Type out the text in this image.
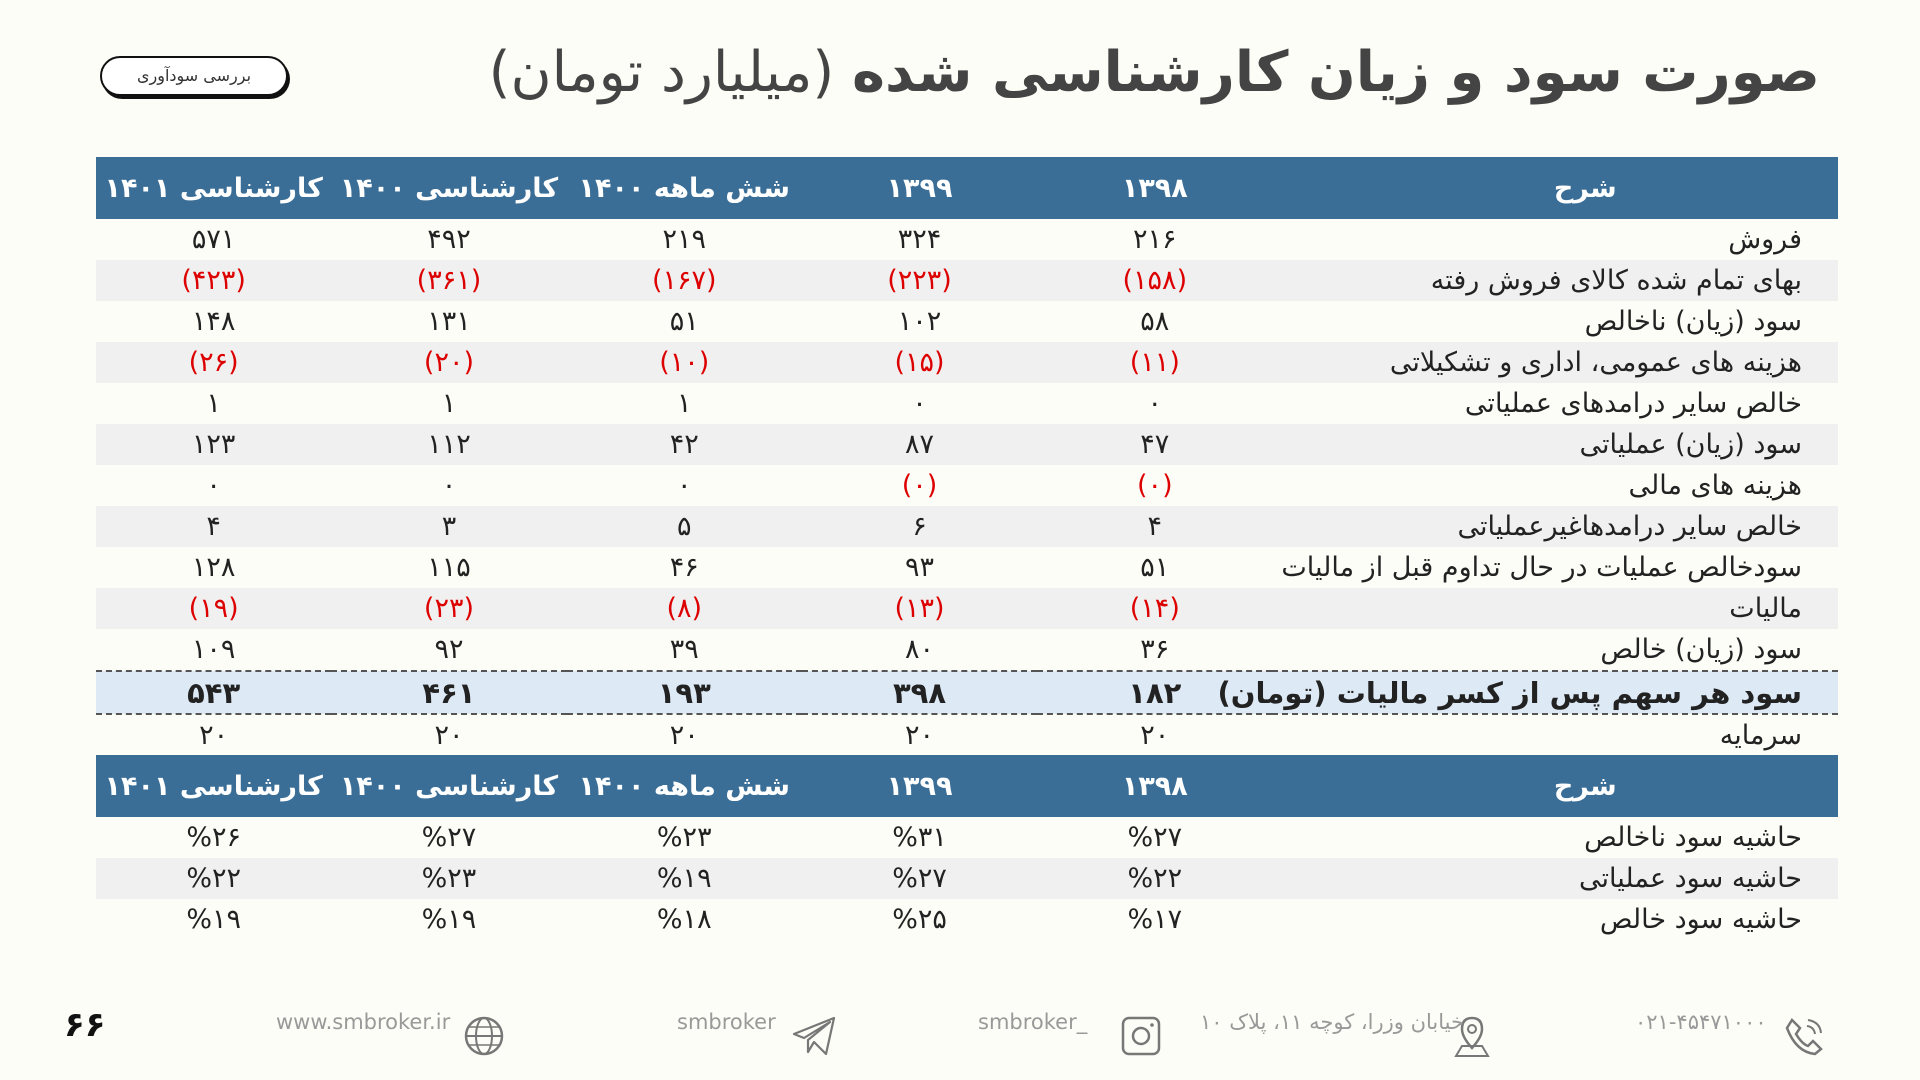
صورت سود و زیان کارشناسی شده (میلیارد تومان)
بررسی سودآوری
شرح	۱۳۹۸	۱۳۹۹	شش ماهه ۱۴۰۰	کارشناسی ۱۴۰۰	کارشناسی ۱۴۰۱
فروش	۲۱۶	۳۲۴	۲۱۹	۴۹۲	۵۷۱
بهای تمام شده کالای فروش رفته	(۱۵۸)	(۲۲۳)	(۱۶۷)	(۳۶۱)	(۴۲۳)
سود (زیان) ناخالص	۵۸	۱۰۲	۵۱	۱۳۱	۱۴۸
هزینه های عمومی، اداری و تشکیلاتی	(۱۱)	(۱۵)	(۱۰)	(۲۰)	(۲۶)
خالص سایر درامدهای عملیاتی	۰	۰	۱	۱	۱
سود (زیان) عملیاتی	۴۷	۸۷	۴۲	۱۱۲	۱۲۳
هزینه های مالی	(۰)	(۰)	۰	۰	۰
خالص سایر درامدهاغیرعملیاتی	۴	۶	۵	۳	۴
سودخالص عملیات در حال تداوم قبل از مالیات	۵۱	۹۳	۴۶	۱۱۵	۱۲۸
مالیات	(۱۴)	(۱۳)	(۸)	(۲۳)	(۱۹)
سود (زیان) خالص	۳۶	۸۰	۳۹	۹۲	۱۰۹
سود هر سهم پس از کسر مالیات (تومان)	۱۸۲	۳۹۸	۱۹۳	۴۶۱	۵۴۳
سرمایه	۲۰	۲۰	۲۰	۲۰	۲۰
شرح	۱۳۹۸	۱۳۹۹	شش ماهه ۱۴۰۰	کارشناسی ۱۴۰۰	کارشناسی ۱۴۰۱
حاشیه سود ناخالص	%۲۷	%۳۱	%۲۳	%۲۷	%۲۶
حاشیه سود عملیاتی	%۲۲	%۲۷	%۱۹	%۲۳	%۲۲
حاشیه سود خالص	%۱۷	%۲۵	%۱۸	%۱۹	%۱۹
۰۲۱-۴۵۴۷۱۰۰۰
خیابان وزرا، کوچه ۱۱، پلاک ۱۰
smbroker_
smbroker
www.smbroker.ir
۶۶
